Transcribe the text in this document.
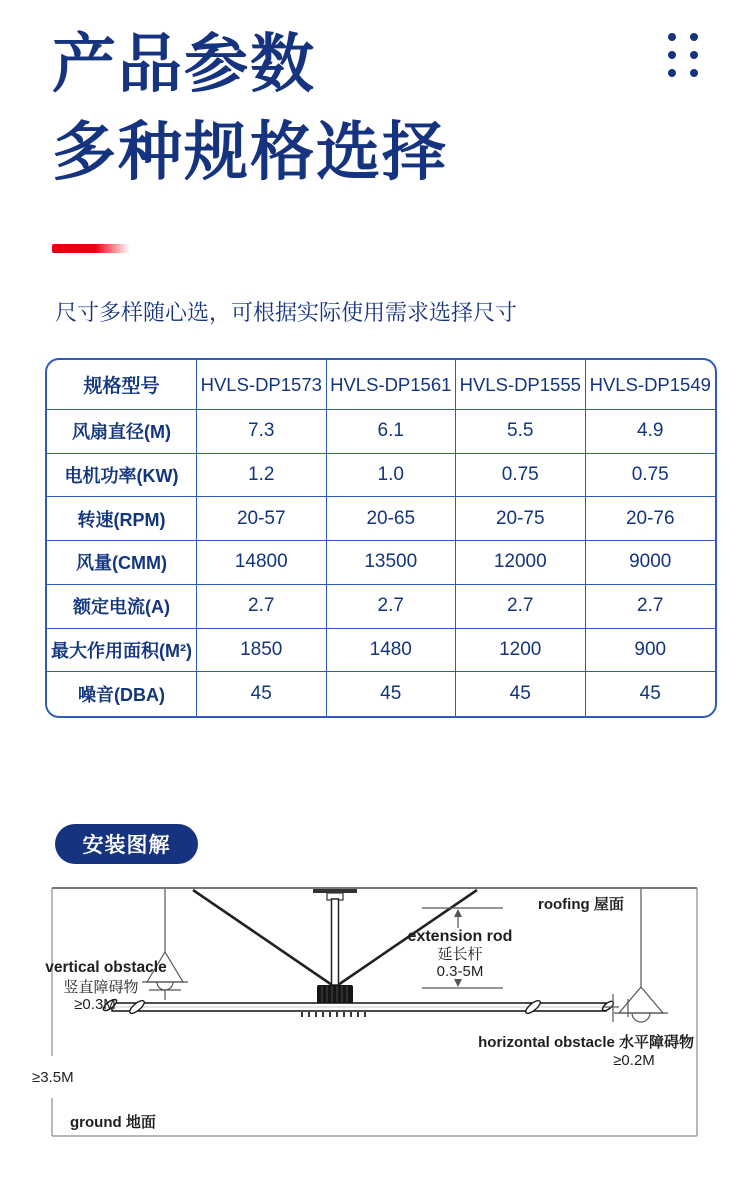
产品参数
多种规格选择
尺寸多样随心选，可根据实际使用需求选择尺寸
规格型号	HVLS-DP1573 HVLS-DP1561 HVLS-DP1555 HVLS-DP1549
风扇直径(M)	7.3	6.1	5.5	4.9
电机功率(KW)	1.2	1.0	0.75	0.75
转速(RPM)	20-57	20-65	20-75	20-76
风量(CMM)	14800	13500	12000	9000
额定电流(A)	2.7	2.7	2.7	2.7
最大作用面积(M²)	1850	1480	1200	900
噪音(DBA)	45	45	45	45
安装图解
extension rod
延长杆
0.3-5M
roofing 屋面
vertical obstacle
竖直障碍物
≥0.3M
horizontal obstacle 水平障碍物
≥0.2M
≥3.5M
ground 地面
